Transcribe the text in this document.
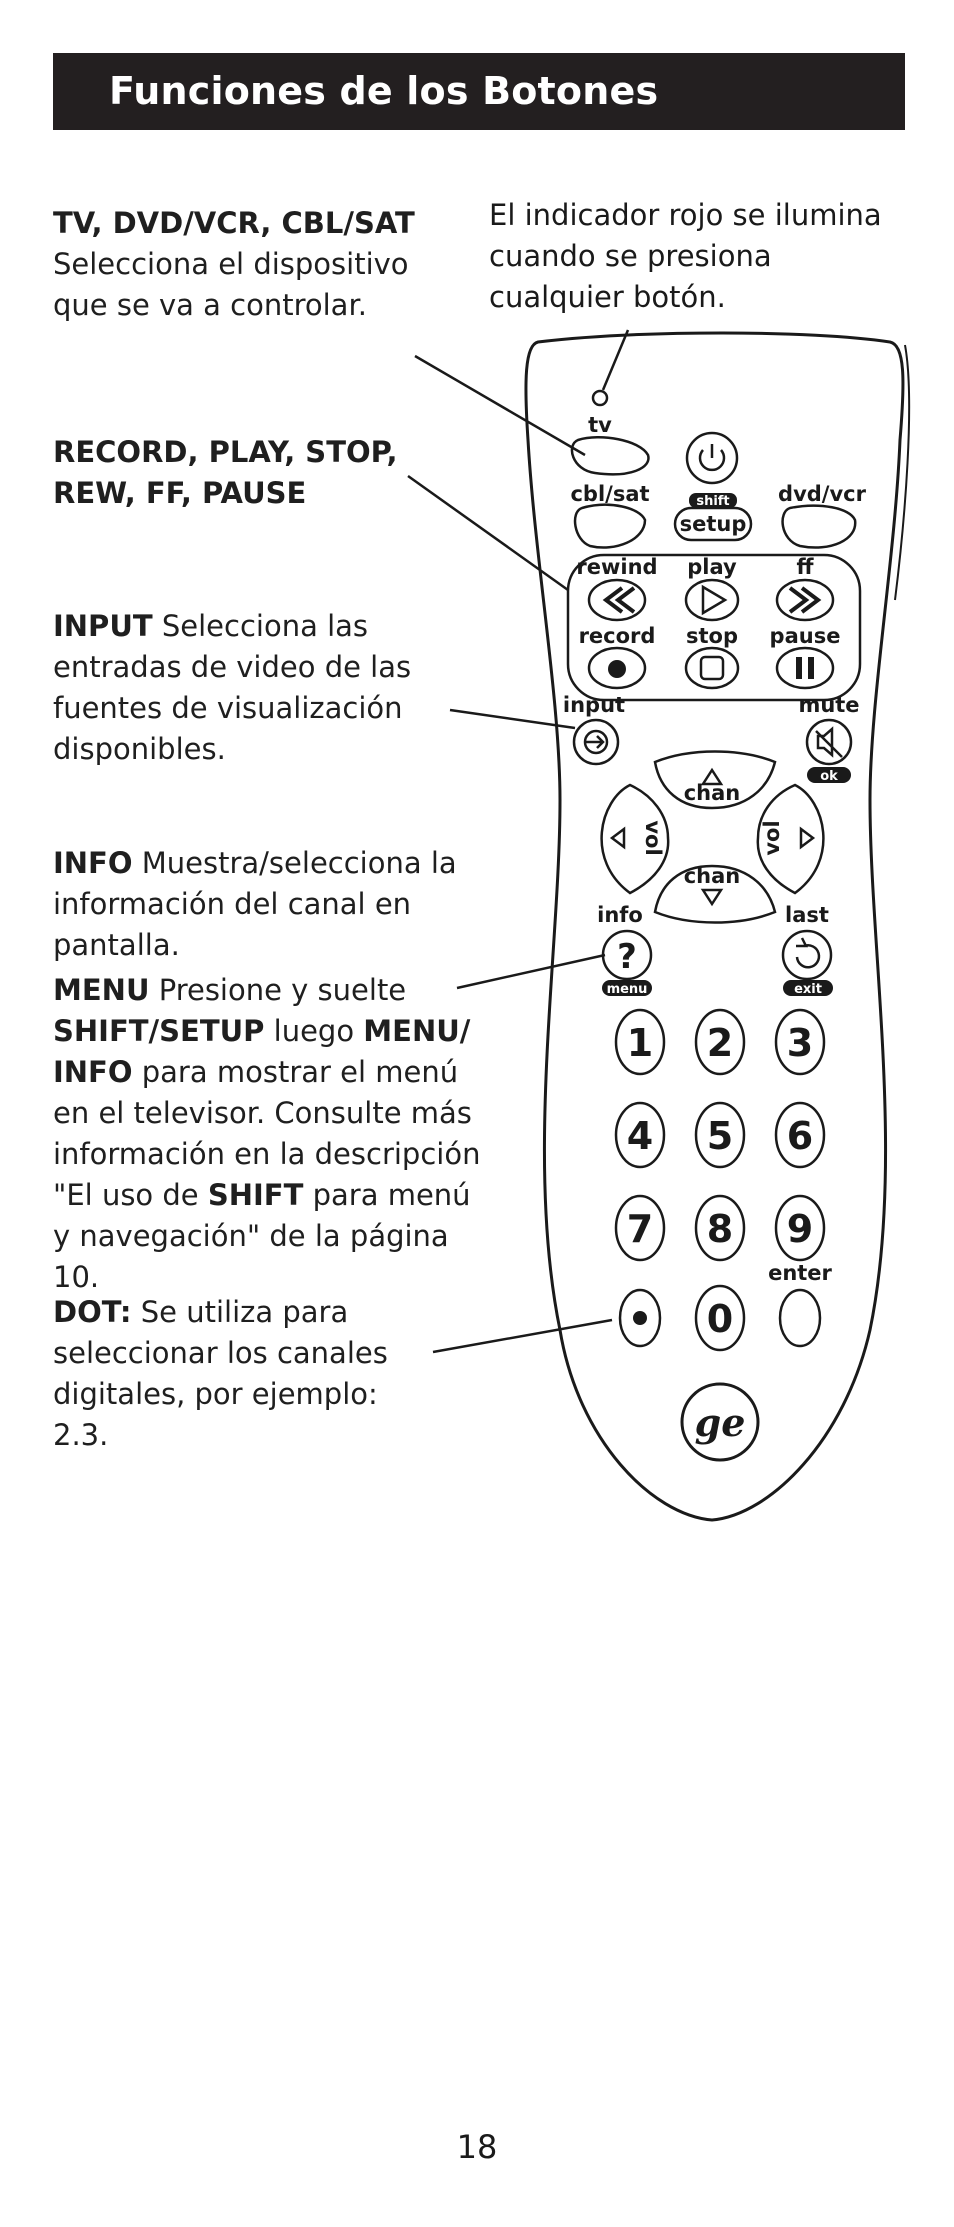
Funciones de los Botones
El indicador rojo se ilumina cuando se presiona cualquier botón.

TV, DVD/VCR, CBL/SAT

Selecciona el dispositivo que se va a controlar.

RECORD, PLAY, STOP, REW, FF, PAUSE

INPUT Selecciona las entradas de video de las fuentes de visualización disponibles.

INFO Muestra/selecciona la información del canal en pantalla.

MENU Presione y suelte SHIFT/SETUP luego MENU/ INFO para mostrar el menú en el televisor. Consulte más información en la descripción "El uso de SHIFT para menú y navegación" de la página 10.

DOT: Se utiliza para seleccionar los canales digitales, por ejemplo: 2.3.

tv
cbl/sat	dvd/vcr
shift
setup
rewind play	ff
record stop pause
input	mute
ok
chan
chan
vol	vol
info
?
menu
last
exit
1 2 3
4 5 6
7 8 9
0
enter
ge
18
